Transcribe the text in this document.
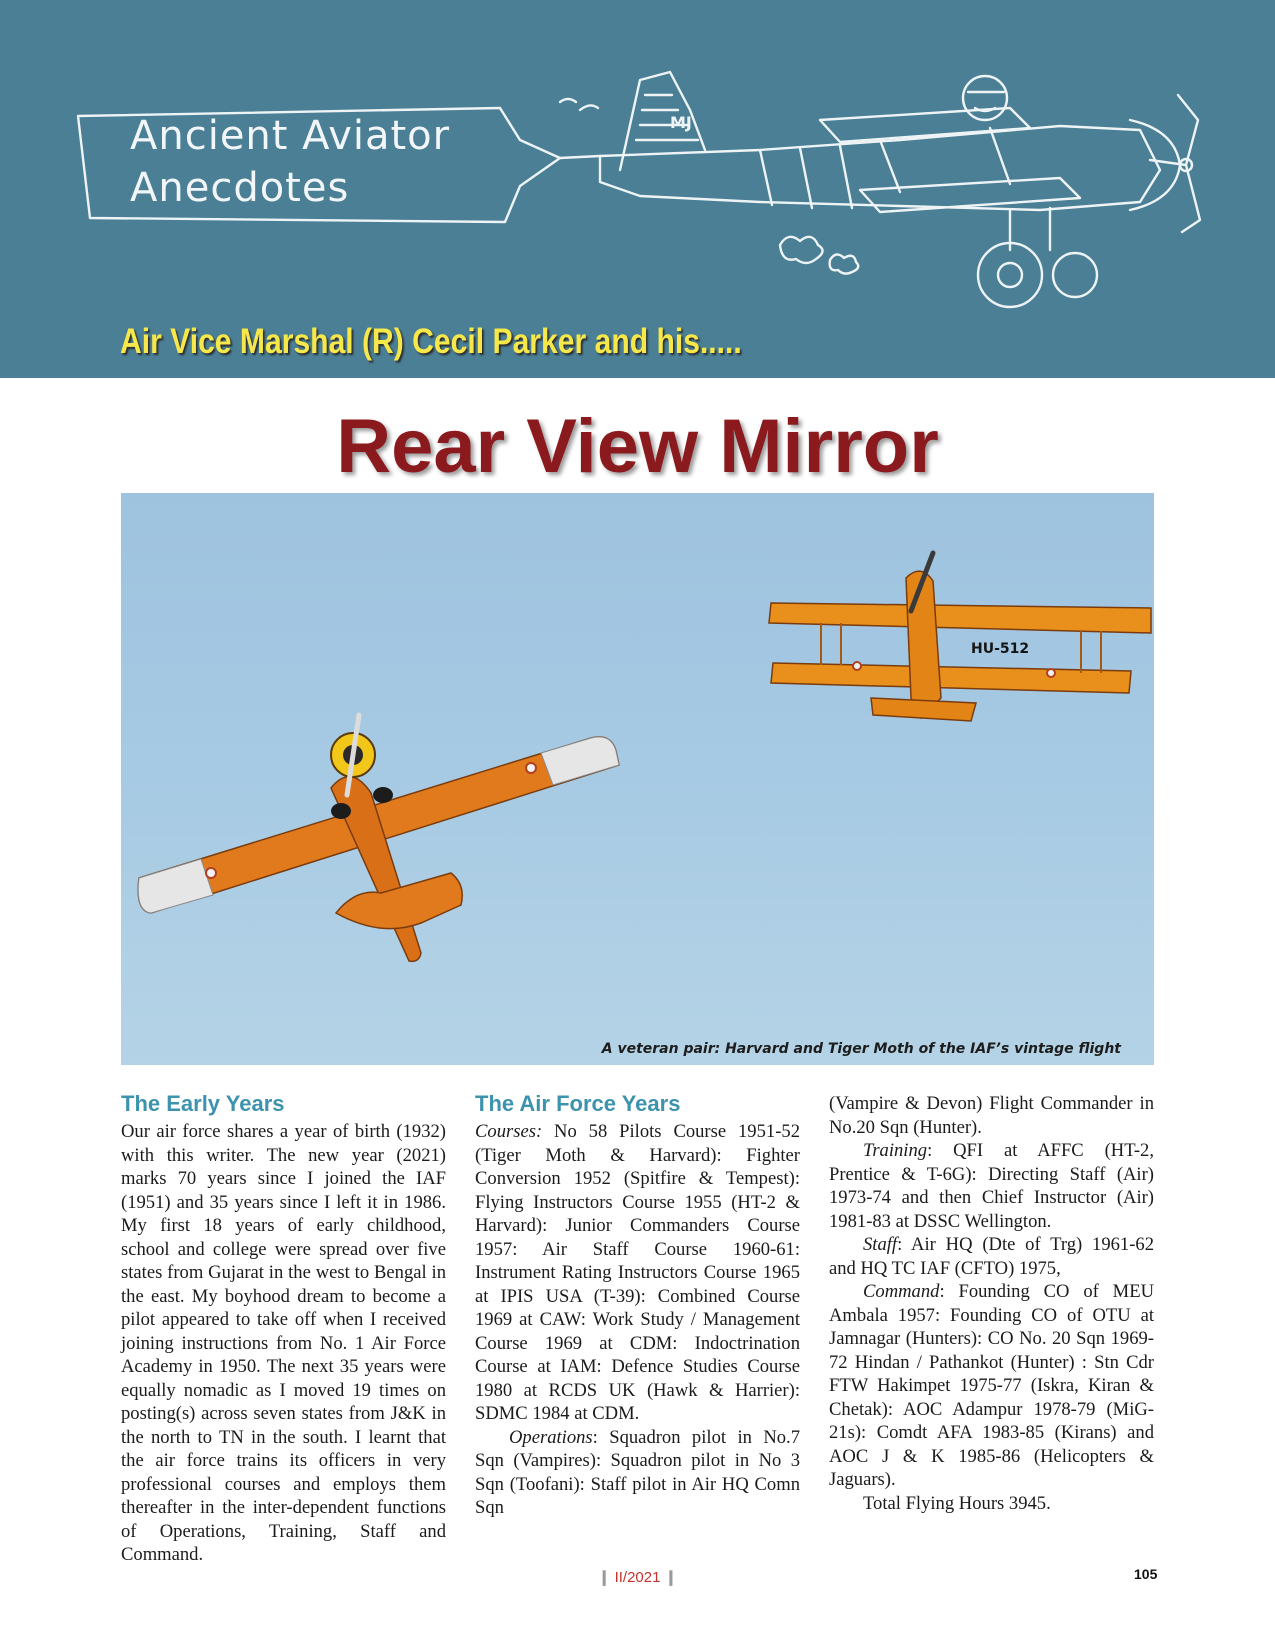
MJ
Ancient Aviator
Anecdotes
Air Vice Marshal (R) Cecil Parker and his.....
Rear View Mirror
HU-512
A veteran pair: Harvard and Tiger Moth of the IAF’s vintage flight
The Early Years

Our air force shares a year of birth (1932) with this writer. The new year (2021) marks 70 years since I joined the IAF (1951) and 35 years since I left it in 1986. My first 18 years of early childhood, school and college were spread over five states from Gujarat in the west to Bengal in the east. My boyhood dream to become a pilot appeared to take off when I received joining instructions from No. 1 Air Force Academy in 1950. The next 35 years were equally nomadic as I moved 19 times on posting(s) across seven states from J&K in the north to TN in the south. I learnt that the air force trains its officers in very professional courses and employs them thereafter in the inter-dependent functions of Operations, Training, Staff and Command.

The Air Force Years

Courses: No 58 Pilots Course 1951-52 (Tiger Moth & Harvard): Fighter Conversion 1952 (Spitfire & Tempest): Flying Instructors Course 1955 (HT-2 & Harvard): Junior Commanders Course 1957: Air Staff Course 1960-61: Instrument Rating Instructors Course 1965 at IPIS USA (T-39): Combined Course 1969 at CAW: Work Study / Management Course 1969 at CDM: Indoctrination Course at IAM: Defence Studies Course 1980 at RCDS UK (Hawk & Harrier): SDMC 1984 at CDM.

Operations: Squadron pilot in No.7 Sqn (Vampires): Squadron pilot in No 3 Sqn (Toofani): Staff pilot in Air HQ Comn Sqn

(Vampire & Devon) Flight Commander in No.20 Sqn (Hunter).

Training: QFI at AFFC (HT-2, Prentice & T-6G): Directing Staff (Air) 1973-74 and then Chief Instructor (Air) 1981-83 at DSSC Wellington.

Staff: Air HQ (Dte of Trg) 1961-62 and HQ TC IAF (CFTO) 1975,

Command: Founding CO of MEU Ambala 1957: Founding CO of OTU at Jamnagar (Hunters): CO No. 20 Sqn 1969-72 Hindan / Pathankot (Hunter) : Stn Cdr FTW Hakimpet 1975-77 (Iskra, Kiran & Chetak): AOC Adampur 1978-79 (MiG-21s): Comdt AFA 1983-85 (Kirans) and AOC J & K 1985-86 (Helicopters & Jaguars).

Total Flying Hours 3945.

❙ II/2021 ❙	105
